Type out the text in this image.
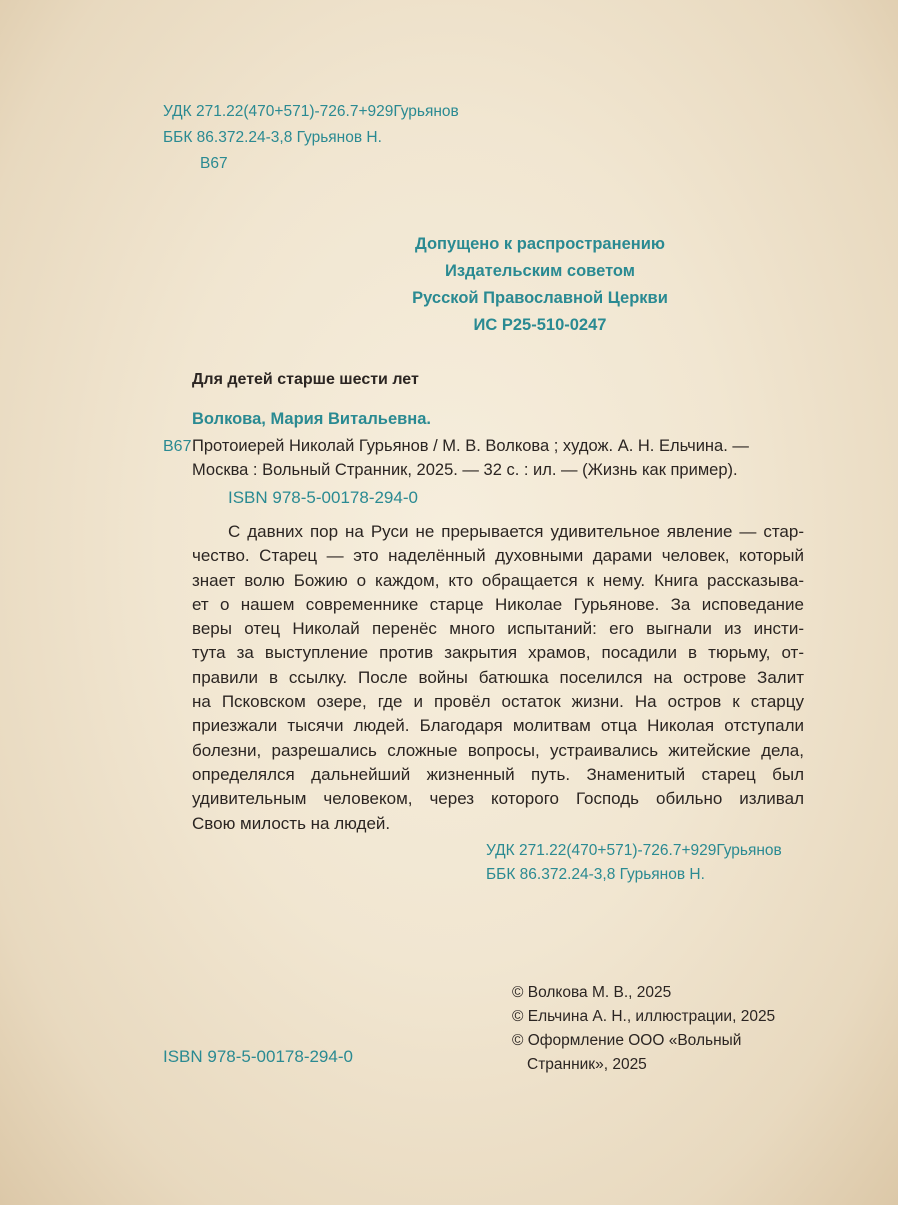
УДК 271.22(470+571)-726.7+929Гурьянов
ББК 86.372.24-3,8 Гурьянов Н.
В67
Допущено к распространению
Издательским советом
Русской Православной Церкви
ИС Р25-510-0247
Для детей старше шести лет
Волкова, Мария Витальевна.
В67 Протоиерей Николай Гурьянов / М. В. Волкова ; худож. А. Н. Ельчина. —
Москва : Вольный Странник, 2025. — 32 с. : ил. — (Жизнь как пример).
ISBN 978-5-00178-294-0
С давних пор на Руси не прерывается удивительное явление — стар-
чество. Старец — это наделённый духовными дарами человек, который
знает волю Божию о каждом, кто обращается к нему. Книга рассказыва-
ет о нашем современнике старце Николае Гурьянове. За исповедание
веры отец Николай перенёс много испытаний: его выгнали из инсти-
тута за выступление против закрытия храмов, посадили в тюрьму, от-
правили в ссылку. После войны батюшка поселился на острове Залит
на Псковском озере, где и провёл остаток жизни. На остров к старцу
приезжали тысячи людей. Благодаря молитвам отца Николая отступали
болезни, разрешались сложные вопросы, устраивались житейские дела,
определялся дальнейший жизненный путь. Знаменитый старец был
удивительным человеком, через которого Господь обильно изливал
Свою милость на людей.
УДК 271.22(470+571)-726.7+929Гурьянов
ББК 86.372.24-3,8 Гурьянов Н.
© Волкова М. В., 2025
© Ельчина А. Н., иллюстрации, 2025
© Оформление ООО «Вольный
Странник», 2025
ISBN 978-5-00178-294-0
